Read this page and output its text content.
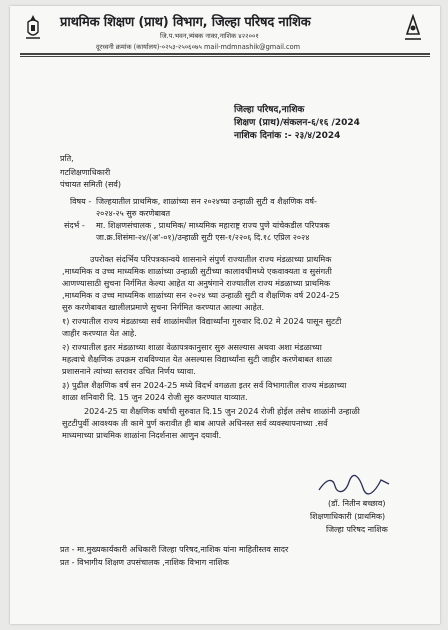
प्राथमिक शिक्षण (प्राथ) विभाग, जिल्हा परिषद नाशिक
जि.प.भवन,त्र्यंबक नाका,नाशिक ४२२००१
दूरध्वनी क्रमांक (कार्यालय)-०२५३-२५०६०७५ mail-mdmnashik@gmail.com
जिल्हा परिषद,नाशिक
शिक्षण (प्राथ)/संकलन-६/१६ /2024
नाशिक दिनांक :- २३/४/2024
प्रति,
गटशिक्षणाधिकारी
पंचायत समिती (सर्व)
विषय - जिल्हयातील प्राथमिक, शाळांच्या सन २०२४च्या उन्हाळी सुटी व शैक्षणिक वर्ष-
२०२४-२५ सुरु करणेबाबत
संदर्भ - मा. शिक्षणसंचालक , प्राथमिक/ माध्यमिक महाराष्ट्र राज्य पुणे यांचेकडील परिपत्रक
जा.क्र.शिसंमा-२४/(अ'-०१)/उन्हाळी सुटी एस-१/२२०६ दि.१८ एप्रिल २०२४
उपरोक्त संदर्भिय परिपत्रकान्वये शासनाने संपुर्ण राज्यातील राज्य मंडळाच्या प्राथमिक
,माध्यमिक व उच्च माध्यमिक शाळांच्या उन्हाळी सुटीच्या कालावधीमध्ये एकवाक्यता व सुसंगती
आणण्यासाठी सुचना निर्गमित केल्या आहेत या अनुषंगाने राज्यातील राज्य मंडळाच्या प्राथमिक
,माध्यमिक व उच्च माध्यमिक शाळांच्या सन २०२४ च्या उन्हाळी सुटी व शैक्षणिक वर्ष 2024-25
सुरु करणेबाबत खालीलप्रमाणे सुचना निर्गमित करण्यात आल्या आहेत.
१) राज्यातील राज्य मंडळाच्या सर्व शाळांमधील विद्यार्थ्यांना गुरुवार दि.02 मे 2024 पासून सुटटी
जाहीर करण्यात येत आहे.
२) राज्यातील इतर मंडळाच्या शाळा वेळापत्रकानुसार सुरु असल्यास अथवा अशा मंडळाच्या
महत्वाचे शैक्षणिक उपक्रम राबविण्यात येत असल्यास विद्यार्थ्यांना सुटी जाहीर करणेबाबत शाळा
प्रशासनाने त्यांच्या स्तरावर उचित निर्णय घ्यावा.
३) पुढील शैक्षणिक वर्ष सन 2024-25 मध्ये विदर्भ वगळता इतर सर्व विभागातील राज्य मंडळाच्या
शाळा शनिवारी दि. 15 जुन 2024 रोजी सुरु करण्यात याव्यात.
2024-25 या शैक्षणिक वर्षाची सुरुवात दि.15 जुन 2024 रोजी होईल तसेच शाळांनी उन्हाळी
सुटटीपुर्वी आवश्यक ती कामे पुर्ण करावीत ही बाब आपले अधिनस्त सर्व व्यवस्थापनाच्या .सर्व
माध्यमाच्या प्राथमिक शाळांना निदर्शनास आणुन दयावी.
(डॉ. नितीन बच्छाव)
शिक्षणाधिकारी (प्राथमिक)
जिल्हा परिषद नाशिक
प्रत - मा.मुख्यकार्यकारी अधिकारी जिल्हा परिषद,नाशिक यांना माहितीस्तव सादर
प्रत - विभागीय शिक्षण उपसंचालक ,नाशिक विभाग नाशिक
